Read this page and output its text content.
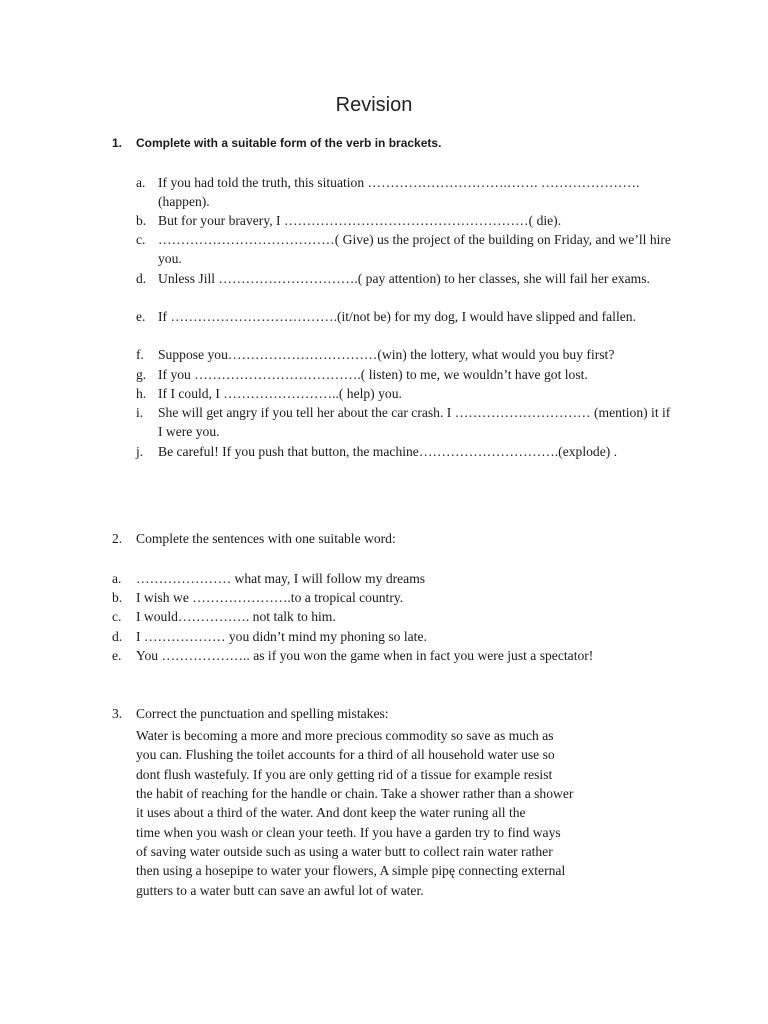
Revision
1. Complete with a suitable form of the verb in brackets.
a. If you had told the truth, this situation ………………………….……. ………………….(happen).
b. But for your bravery, I ………………………………………………( die).
c. …………………………………( Give) us the project of the building on Friday, and we’ll hire you.
d. Unless Jill ………………………….( pay attention) to her classes, she will fail her exams.
e. If ……………………………….(it/not be) for my dog, I would have slipped and fallen.
f.	Suppose you……………………………(win) the lottery, what would you buy first?
g. If you ……………………………….( listen) to me, we wouldn’t have got lost.
h. If I could, I ……………………..( help) you.
i.	She will get angry if you tell her about the car crash. I ………………………… (mention) it if I were you.
j.	Be careful! If you push that button, the machine………………………….(explode) .
2. Complete the sentences with one suitable word:
a.	………………… what may, I will follow my dreams
b.	I wish we ………………….to a tropical country.
c.	I would……………. not talk to him.
d.	I ……………… you didn’t mind my phoning so late.
e.	You ……………….. as if you won the game when in fact you were just a spectator!
3. Correct the punctuation and spelling mistakes:
Water is becoming a more and more precious commodity so save as much as
you can. Flushing the toilet accounts for a third of all household water use so
dont flush wastefuly. If you are only getting rid of a tissue for example resist
the habit of reaching for the handle or chain. Take a shower rather than a shower
it uses about a third of the water. And dont keep the water runing all the
time when you wash or clean your teeth. If you have a garden try to find ways
of saving water outside such as using a water butt to collect rain water rather
then using a hosepipe to water your flowers, A simple pipę connecting external
gutters to a water butt can save an awful lot of water.
